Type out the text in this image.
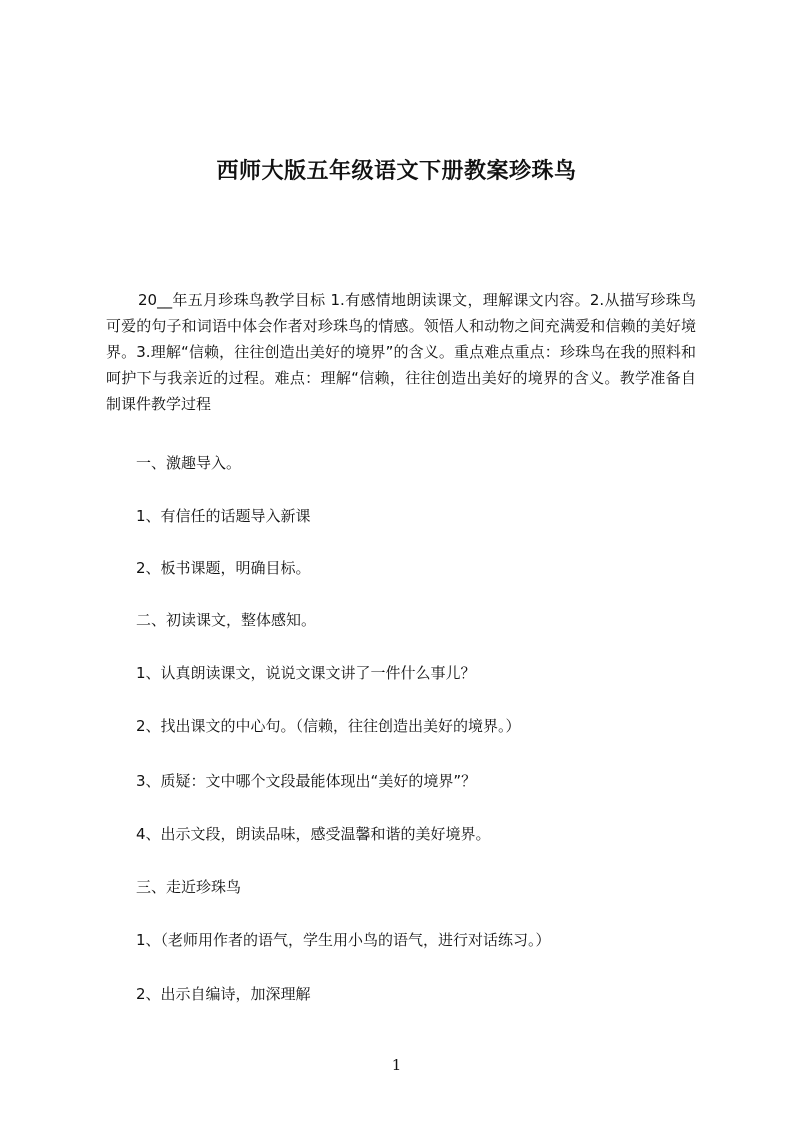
西师大版五年级语文下册教案珍珠鸟

20__年五月珍珠鸟教学目标 1.有感情地朗读课文，理解课文内容。2.从描写珍珠鸟可爱的句子和词语中体会作者对珍珠鸟的情感。领悟人和动物之间充满爱和信赖的美好境界。3.理解“信赖，往往创造出美好的境界”的含义。重点难点重点：珍珠鸟在我的照料和呵护下与我亲近的过程。难点：理解“信赖，往往创造出美好的境界的含义。教学准备自制课件教学过程

一、激趣导入。

1、有信任的话题导入新课

2、板书课题，明确目标。

二、初读课文，整体感知。

1、认真朗读课文，说说文课文讲了一件什么事儿？

2、找出课文的中心句。（信赖，往往创造出美好的境界。）

3、质疑：文中哪个文段最能体现出“美好的境界”？

4、出示文段，朗读品味，感受温馨和谐的美好境界。

三、走近珍珠鸟

1、（老师用作者的语气，学生用小鸟的语气，进行对话练习。）

2、出示自编诗，加深理解

1
